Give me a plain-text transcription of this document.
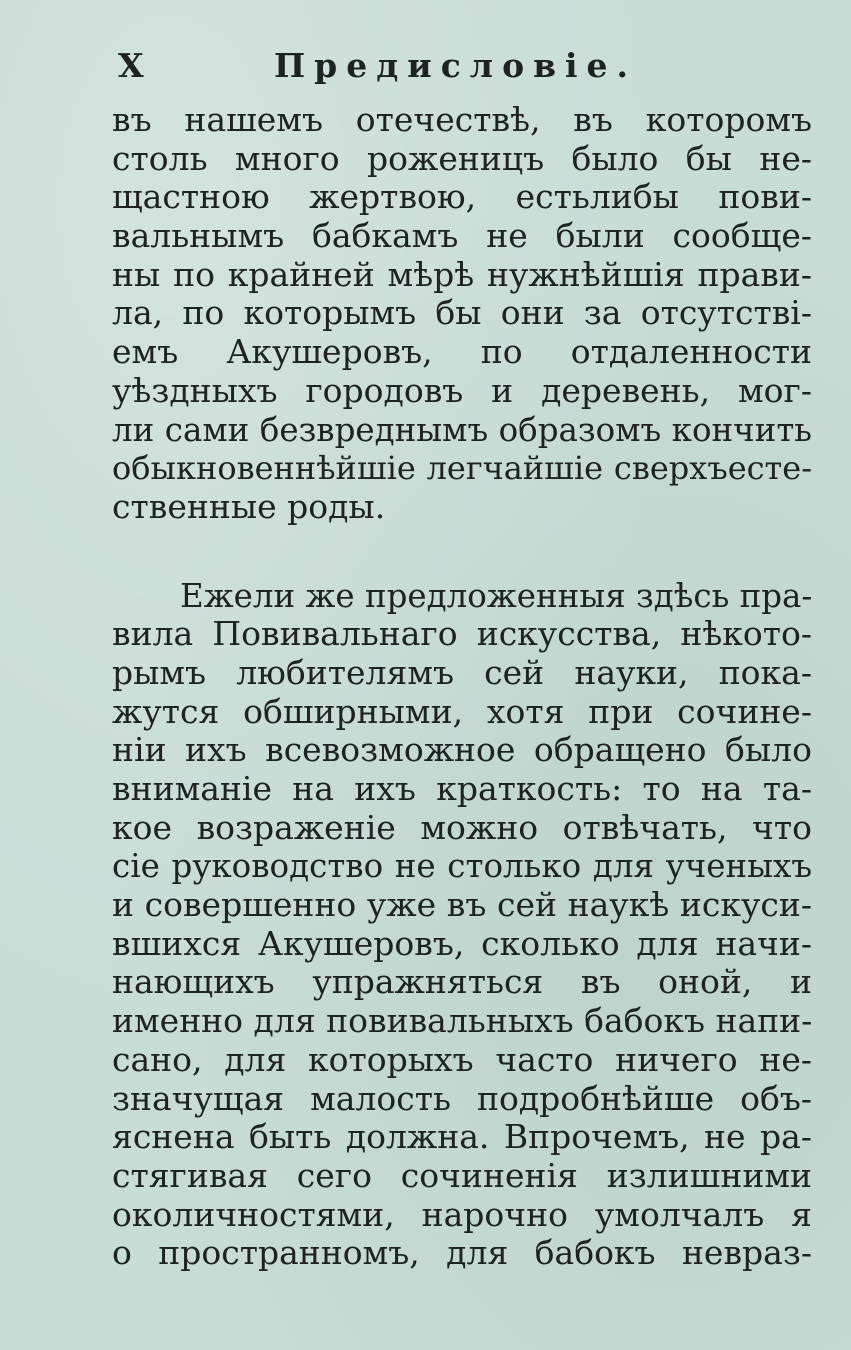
X	Предисловіе.
въ нашемъ отечествѣ, въ которомъ
столь много роженицъ было бы не-
щастною жертвою, естьлибы пови-
вальнымъ бабкамъ не были сообще-
ны по крайней мѣрѣ нужнѣйшія прави-
ла, по которымъ бы они за отсутствi-
емъ Акушеровъ, по отдаленности
уѣздныхъ городовъ и деревень, мог-
ли сами безвреднымъ образомъ кончить
обыкновеннѣйшіе легчайшіе сверхъесте-
ственные роды.
Ежели же предложенныя здѣсь пра-
вила Повивальнаго искусства, нѣкото-
рымъ любителямъ сей науки, пока-
жутся обширными, хотя при сочине-
ніи ихъ всевозможное обращено было
вниманіе на ихъ краткость: то на та-
кое возраженіе можно отвѣчать, что
сіе руководство не столько для ученыхъ
и совершенно уже въ сей наукѣ искуси-
вшихся Акушеровъ, сколько для начи-
нающихъ упражняться въ оной, и
именно для повивальныхъ бабокъ напи-
сано, для которыхъ часто ничего не-
значущая малость подробнѣйше объ-
яснена быть должна. Впрочемъ, не ра-
стягивая сего сочиненія излишними
околичностями, нарочно умолчалъ я
о пространномъ, для бабокъ невраз-
